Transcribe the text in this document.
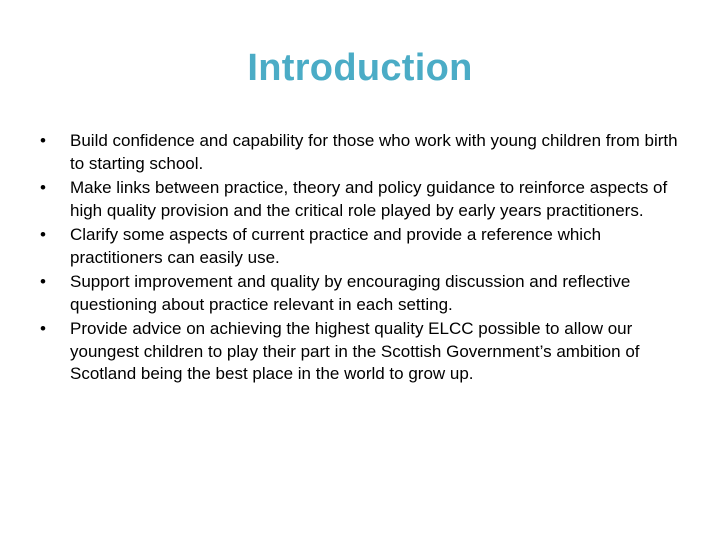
Introduction
•	Build confidence and capability for those who work with young children from birth to starting school.
•	Make links between practice, theory and policy guidance to reinforce aspects of high quality provision and the critical role played by early years practitioners.
•	Clarify some aspects of current practice and provide a reference which practitioners can easily use.
•	Support improvement and quality by encouraging discussion and reflective questioning about practice relevant in each setting.
•	Provide advice on achieving the highest quality ELCC possible to allow our youngest children to play their part in the Scottish Government’s ambition of Scotland being the best place in the world to grow up.
